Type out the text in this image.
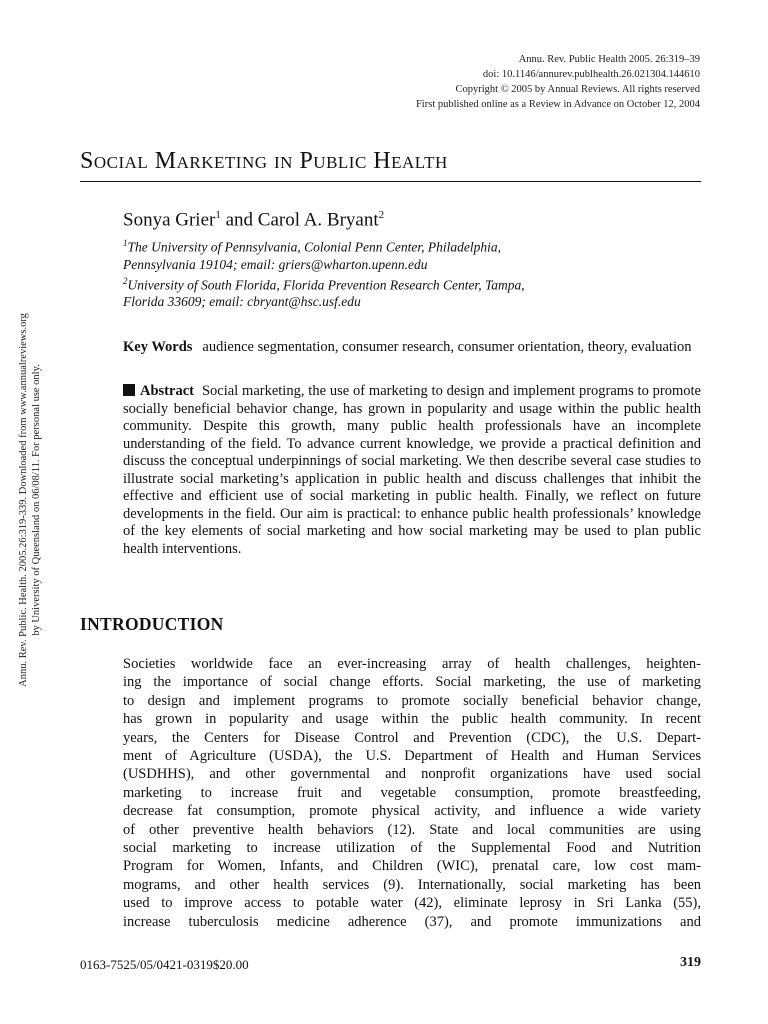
Annu. Rev. Public. Health. 2005.26:319-339. Downloaded from www.annualreviews.org by University of Queensland on 06/08/11. For personal use only.
Annu. Rev. Public Health 2005. 26:319–39
doi: 10.1146/annurev.publhealth.26.021304.144610
Copyright © 2005 by Annual Reviews. All rights reserved
First published online as a Review in Advance on October 12, 2004
Social Marketing in Public Health
Sonya Grier$^1$ and Carol A. Bryant$^2$
$^1$The University of Pennsylvania, Colonial Penn Center, Philadelphia,
Pennsylvania 19104; email: griers@wharton.upenn.edu
$^2$University of South Florida, Florida Prevention Research Center, Tampa,
Florida 33609; email: cbryant@hsc.usf.edu
Key Words audience segmentation, consumer research, consumer orientation, theory, evaluation
Abstract Social marketing, the use of marketing to design and implement programs to promote socially beneficial behavior change, has grown in popularity and usage within the public health community. Despite this growth, many public health professionals have an incomplete understanding of the field. To advance current knowledge, we provide a practical definition and discuss the conceptual underpinnings of social marketing. We then describe several case studies to illustrate social marketing’s application in public health and discuss challenges that inhibit the effective and efficient use of social marketing in public health. Finally, we reflect on future developments in the field. Our aim is practical: to enhance public health professionals’ knowledge of the key elements of social marketing and how social marketing may be used to plan public health interventions.
INTRODUCTION
Societies worldwide face an ever-increasing array of health challenges, heighten-
ing the importance of social change efforts. Social marketing, the use of marketing
to design and implement programs to promote socially beneficial behavior change,
has grown in popularity and usage within the public health community. In recent
years, the Centers for Disease Control and Prevention (CDC), the U.S. Depart-
ment of Agriculture (USDA), the U.S. Department of Health and Human Services
(USDHHS), and other governmental and nonprofit organizations have used social
marketing to increase fruit and vegetable consumption, promote breastfeeding,
decrease fat consumption, promote physical activity, and influence a wide variety
of other preventive health behaviors (12). State and local communities are using
social marketing to increase utilization of the Supplemental Food and Nutrition
Program for Women, Infants, and Children (WIC), prenatal care, low cost mam-
mograms, and other health services (9). Internationally, social marketing has been
used to improve access to potable water (42), eliminate leprosy in Sri Lanka (55),
increase tuberculosis medicine adherence (37), and promote immunizations and
0163-7525/05/0421-0319$20.00	319
